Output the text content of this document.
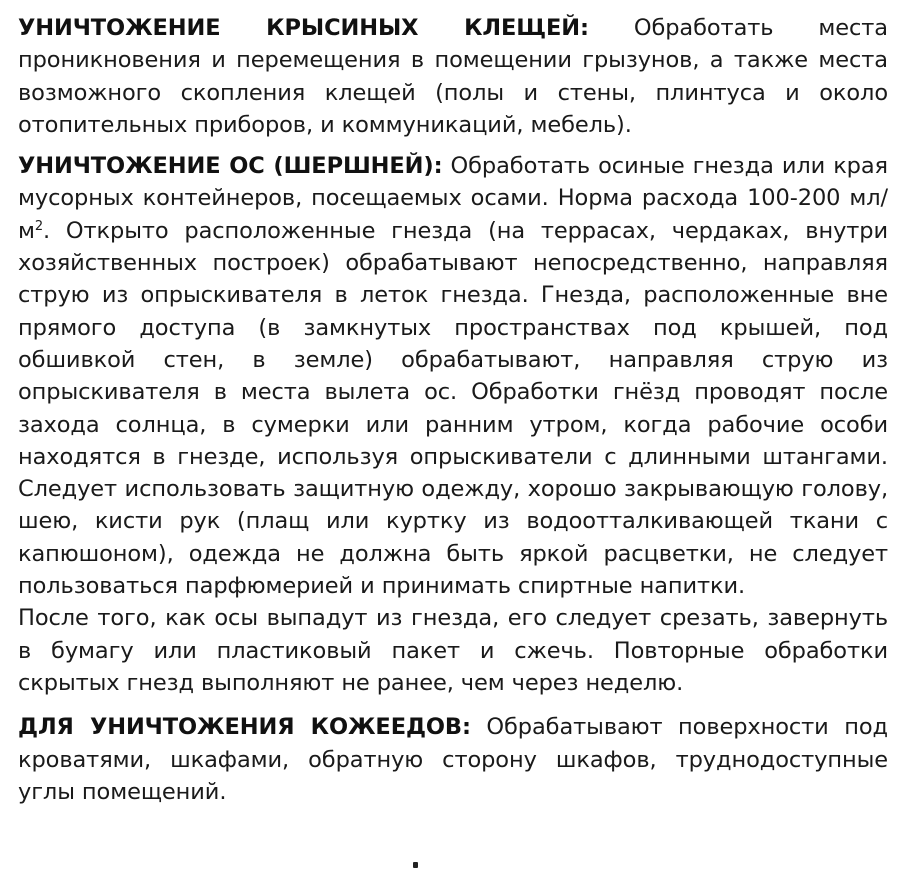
УНИЧТОЖЕНИЕ КРЫСИНЫХ КЛЕЩЕЙ: Обработать места проникновения и перемещения в помещении грызунов, а также места возможного скопления клещей (полы и стены, плинтуса и около отопительных приборов, и коммуникаций, мебель).

УНИЧТОЖЕНИЕ ОС (ШЕРШНЕЙ): Обработать осиные гнезда или края мусорных контейнеров, посещаемых осами. Норма расхода 100-200 $мл/м^2$. Открыто расположенные гнезда (на террасах, чердаках, внутри хозяйственных построек) обрабатывают непосредственно, направляя струю из опрыскивателя в леток гнезда. Гнезда, расположенные вне прямого доступа (в замкнутых пространствах под крышей, под обшивкой стен, в земле) обрабатывают, направляя струю из опрыскивателя в места вылета ос. Обработки гнёзд проводят после захода солнца, в сумерки или ранним утром, когда рабочие особи находятся в гнезде, используя опрыскиватели с длинными штангами. Следует использовать защитную одежду, хорошо закрывающую голову, шею, кисти рук (плащ или куртку из водоотталкивающей ткани с капюшоном), одежда не должна быть яркой расцветки, не следует пользоваться парфюмерией и принимать спиртные напитки.

После того, как осы выпадут из гнезда, его следует срезать, завернуть в бумагу или пластиковый пакет и сжечь. Повторные обработки скрытых гнезд выполняют не ранее, чем через неделю.

ДЛЯ УНИЧТОЖЕНИЯ КОЖЕЕДОВ: Обрабатывают поверхности под кроватями, шкафами, обратную сторону шкафов, труднодоступные углы помещений.
